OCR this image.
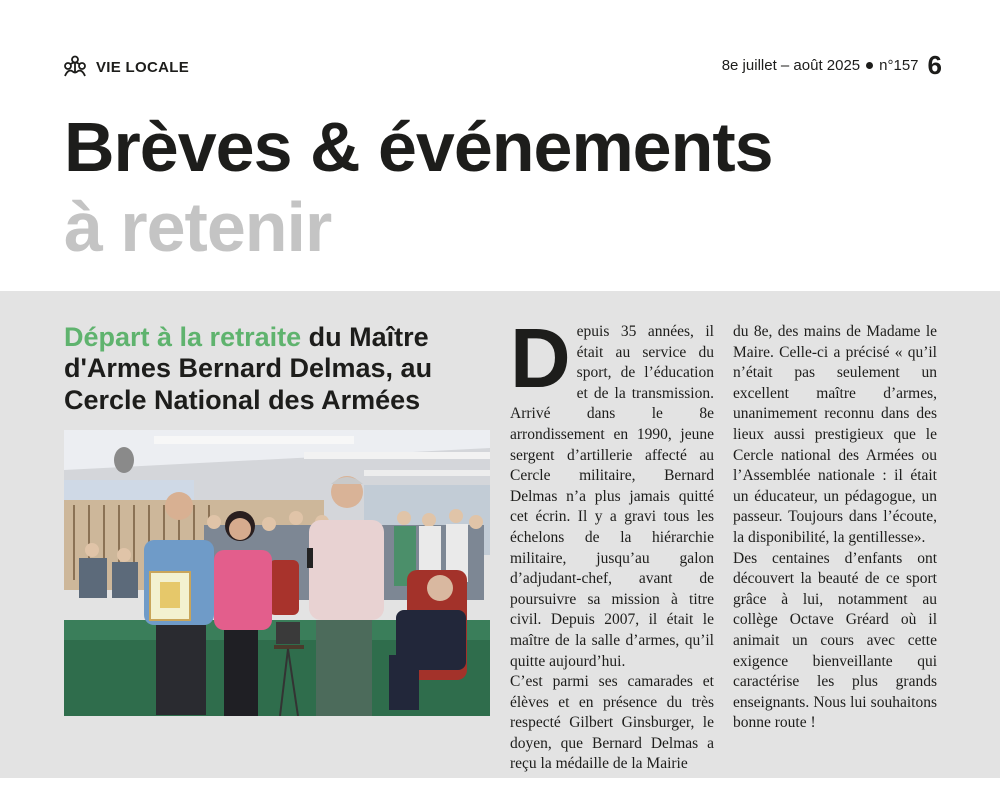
VIE LOCALE	8e juillet – août 2025 n°157 6
Brèves & événements
à retenir
Départ à la retraite du Maître d'Armes Bernard Delmas, au Cercle National des Armées	D epuis 35 années, il était au service du sport, de l’éducation et de la transmission. Arrivé dans le 8e arrondissement en 1990, jeune sergent d’artillerie affecté au Cercle militaire, Bernard Delmas n’a plus jamais quitté cet écrin. Il y a gravi tous les échelons de la hiérarchie militaire, jusqu’au galon d’adjudant-chef, avant de poursuivre sa mission à titre civil. Depuis 2007, il était le maître de la salle d’armes, qu’il quitte aujourd’hui.

C’est parmi ses camarades et élèves et en présence du très respecté Gilbert Ginsburger, le doyen, que Bernard Delmas a reçu la médaille de la Mairie

du 8e, des mains de Madame le Maire. Celle-ci a précisé « qu’il n’était pas seulement un excellent maître d’armes, unanimement reconnu dans des lieux aussi prestigieux que le Cercle national des Armées ou l’Assemblée nationale : il était un éducateur, un pédagogue, un passeur. Toujours dans l’écoute, la disponibilité, la gentillesse».

Des centaines d’enfants ont découvert la beauté de ce sport grâce à lui, notamment au collège Octave Gréard où il animait un cours avec cette exigence bienveillante qui caractérise les plus grands enseignants. Nous lui souhaitons bonne route !
